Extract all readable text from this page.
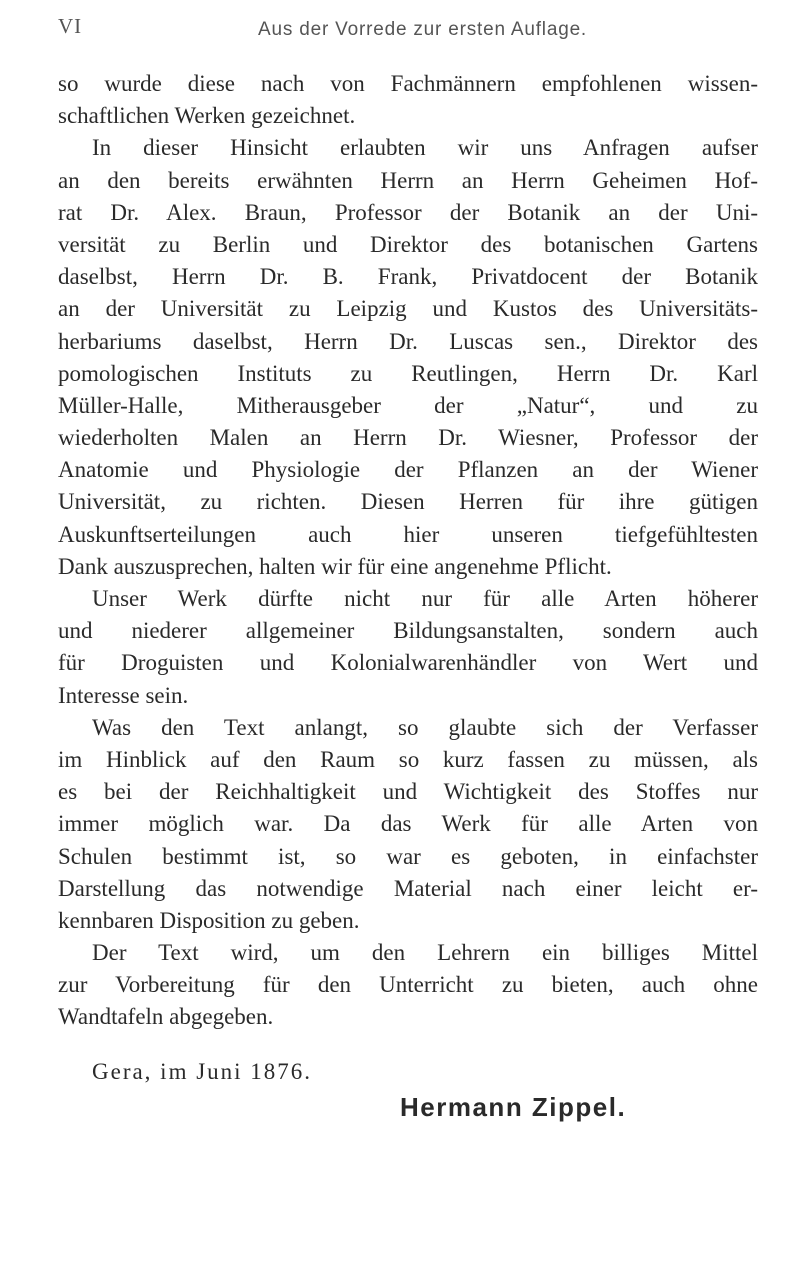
VI	Aus der Vorrede zur ersten Auflage.
so wurde diese nach von Fachmännern empfohlenen wissen-
schaftlichen Werken gezeichnet.
In dieser Hinsicht erlaubten wir uns Anfragen aufser
an den bereits erwähnten Herrn an Herrn Geheimen Hof-
rat Dr. Alex. Braun, Professor der Botanik an der Uni-
versität zu Berlin und Direktor des botanischen Gartens
daselbst, Herrn Dr. B. Frank, Privatdocent der Botanik
an der Universität zu Leipzig und Kustos des Universitäts-
herbariums daselbst, Herrn Dr. Luscas sen., Direktor des
pomologischen Instituts zu Reutlingen, Herrn Dr. Karl
Müller-Halle, Mitherausgeber der „Natur“, und zu
wiederholten Malen an Herrn Dr. Wiesner, Professor der
Anatomie und Physiologie der Pflanzen an der Wiener
Universität, zu richten. Diesen Herren für ihre gütigen
Auskunftserteilungen auch hier unseren tiefgefühltesten
Dank auszusprechen, halten wir für eine angenehme Pflicht.
Unser Werk dürfte nicht nur für alle Arten höherer
und niederer allgemeiner Bildungsanstalten, sondern auch
für Droguisten und Kolonialwarenhändler von Wert und
Interesse sein.
Was den Text anlangt, so glaubte sich der Verfasser
im Hinblick auf den Raum so kurz fassen zu müssen, als
es bei der Reichhaltigkeit und Wichtigkeit des Stoffes nur
immer möglich war. Da das Werk für alle Arten von
Schulen bestimmt ist, so war es geboten, in einfachster
Darstellung das notwendige Material nach einer leicht er-
kennbaren Disposition zu geben.
Der Text wird, um den Lehrern ein billiges Mittel
zur Vorbereitung für den Unterricht zu bieten, auch ohne
Wandtafeln abgegeben.
Gera, im Juni 1876.
Hermann Zippel.
